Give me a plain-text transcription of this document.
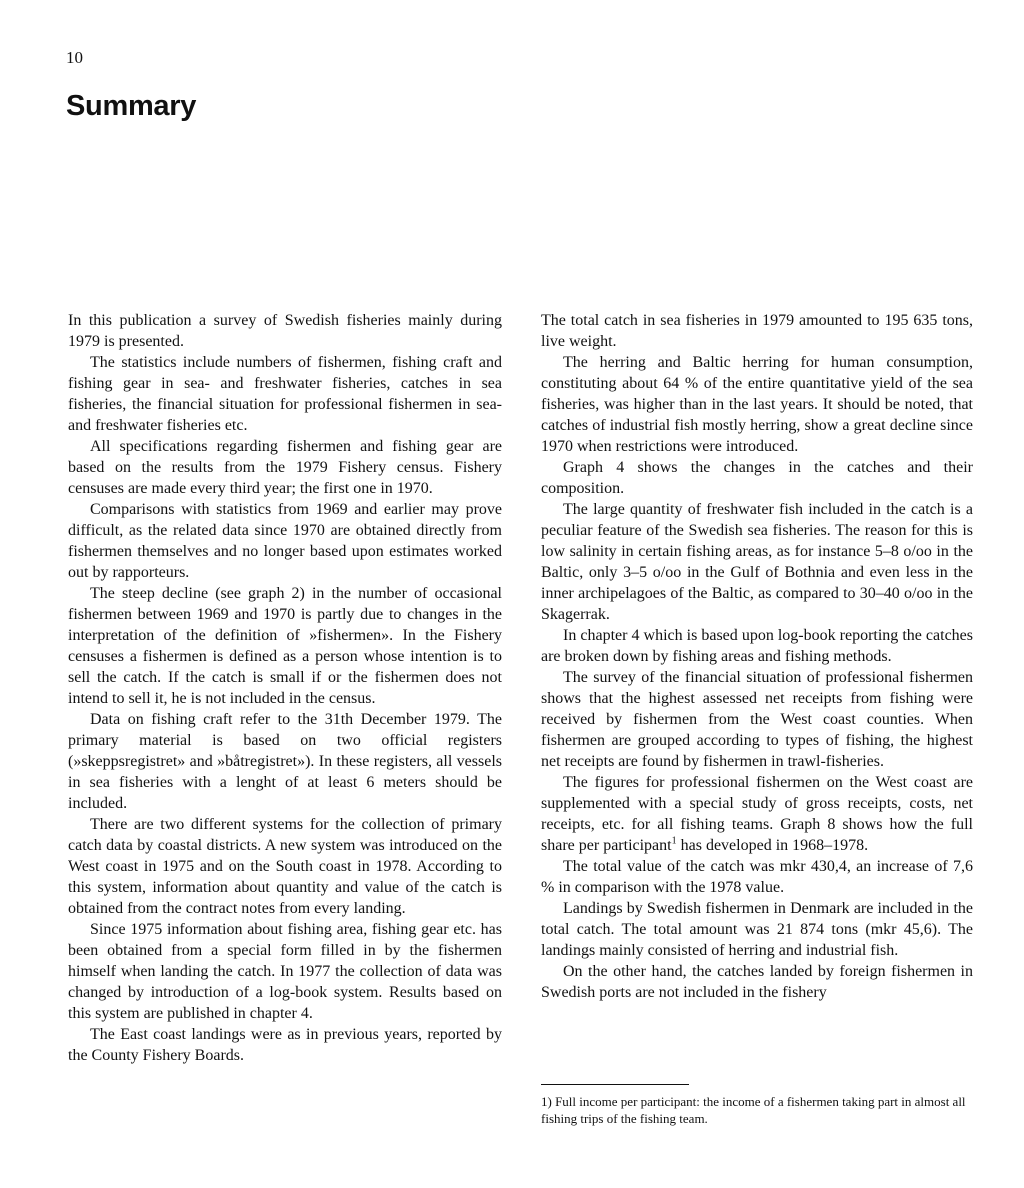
10
Summary

In this publication a survey of Swedish fisheries mainly during 1979 is presented.

The statistics include numbers of fishermen, fishing craft and fishing gear in sea- and freshwater fisheries, catches in sea fisheries, the financial situation for professional fishermen in sea- and freshwater fisheries etc.

All specifications regarding fishermen and fishing gear are based on the results from the 1979 Fishery census. Fishery censuses are made every third year; the first one in 1970.

Comparisons with statistics from 1969 and earlier may prove difficult, as the related data since 1970 are obtained directly from fishermen themselves and no longer based upon estimates worked out by rapporteurs.

The steep decline (see graph 2) in the number of occasional fishermen between 1969 and 1970 is partly due to changes in the interpretation of the definition of »fishermen». In the Fishery censuses a fishermen is defined as a person whose intention is to sell the catch. If the catch is small if or the fishermen does not intend to sell it, he is not included in the census.

Data on fishing craft refer to the 31th December 1979. The primary material is based on two official registers (»skeppsregistret» and »båtregistret»). In these registers, all vessels in sea fisheries with a lenght of at least 6 meters should be included.

There are two different systems for the collection of primary catch data by coastal districts. A new system was introduced on the West coast in 1975 and on the South coast in 1978. According to this system, information about quantity and value of the catch is obtained from the contract notes from every landing.

Since 1975 information about fishing area, fishing gear etc. has been obtained from a special form filled in by the fishermen himself when landing the catch. In 1977 the collection of data was changed by introduction of a log-book system. Results based on this system are published in chapter 4.

The East coast landings were as in previous years, reported by the County Fishery Boards.

The total catch in sea fisheries in 1979 amounted to 195 635 tons, live weight.

The herring and Baltic herring for human consumption, constituting about 64 % of the entire quantitative yield of the sea fisheries, was higher than in the last years. It should be noted, that catches of industrial fish mostly herring, show a great decline since 1970 when restrictions were introduced.

Graph 4 shows the changes in the catches and their composition.

The large quantity of freshwater fish included in the catch is a peculiar feature of the Swedish sea fisheries. The reason for this is low salinity in certain fishing areas, as for instance 5–8 o/oo in the Baltic, only 3–5 o/oo in the Gulf of Bothnia and even less in the inner archipelagoes of the Baltic, as compared to 30–40 o/oo in the Skagerrak.

In chapter 4 which is based upon log-book reporting the catches are broken down by fishing areas and fishing methods.

The survey of the financial situation of professional fishermen shows that the highest assessed net receipts from fishing were received by fishermen from the West coast counties. When fishermen are grouped according to types of fishing, the highest net receipts are found by fishermen in trawl-fisheries.

The figures for professional fishermen on the West coast are supplemented with a special study of gross receipts, costs, net receipts, etc. for all fishing teams. Graph 8 shows how the full share per participant$^1$ has developed in 1968–1978.

The total value of the catch was mkr 430,4, an increase of 7,6 % in comparison with the 1978 value.

Landings by Swedish fishermen in Denmark are included in the total catch. The total amount was 21 874 tons (mkr 45,6). The landings mainly consisted of herring and industrial fish.

On the other hand, the catches landed by foreign fishermen in Swedish ports are not included in the fishery

1) Full income per participant: the income of a fishermen taking part in almost all fishing trips of the fishing team.
